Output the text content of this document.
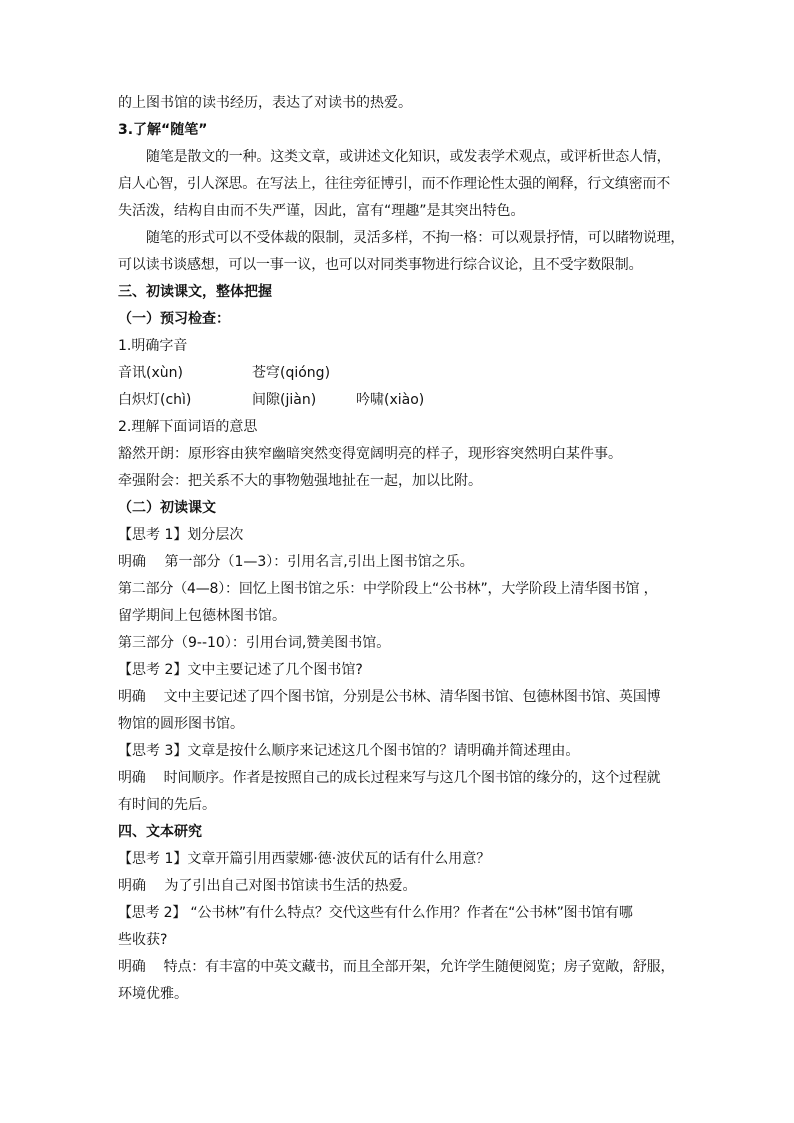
的上图书馆的读书经历，表达了对读书的热爱。
3.了解“随笔”
随笔是散文的一种。这类文章，或讲述文化知识，或发表学术观点，或评析世态人情，
启人心智，引人深思。在写法上，往往旁征博引，而不作理论性太强的阐释，行文缜密而不
失活泼，结构自由而不失严谨，因此，富有“理趣”是其突出特色。
随笔的形式可以不受体裁的限制，灵活多样，不拘一格：可以观景抒情，可以睹物说理，
可以读书谈感想，可以一事一议，也可以对同类事物进行综合议论，且不受字数限制。
三、初读课文，整体把握
（一）预习检查：
1.明确字音
音讯(xùn)	苍穹(qióng)
白炽灯(chì)	间隙(jiàn)	吟啸(xiào)
2.理解下面词语的意思
豁然开朗：原形容由狭窄幽暗突然变得宽阔明亮的样子，现形容突然明白某件事。
牵强附会：把关系不大的事物勉强地扯在一起，加以比附。
（二）初读课文
【思考 1】划分层次
明确　 第一部分（1—3）：引用名言,引出上图书馆之乐。
第二部分（4—8）：回忆上图书馆之乐：中学阶段上“公书林”，大学阶段上清华图书馆 ，
留学期间上包德林图书馆。
第三部分（9--10）：引用台词,赞美图书馆。
【思考 2】文中主要记述了几个图书馆?
明确　 文中主要记述了四个图书馆，分别是公书林、清华图书馆、包德林图书馆、英国博
物馆的圆形图书馆。
【思考 3】文章是按什么顺序来记述这几个图书馆的？请明确并简述理由。
明确　 时间顺序。作者是按照自己的成长过程来写与这几个图书馆的缘分的，这个过程就
有时间的先后。
四、文本研究
【思考 1】文章开篇引用西蒙娜·德·波伏瓦的话有什么用意？
明确　 为了引出自己对图书馆读书生活的热爱。
【思考 2】 “公书林”有什么特点？交代这些有什么作用？作者在“公书林”图书馆有哪
些收获?
明确　 特点：有丰富的中英文藏书，而且全部开架，允许学生随便阅览；房子宽敞，舒服，
环境优雅。
